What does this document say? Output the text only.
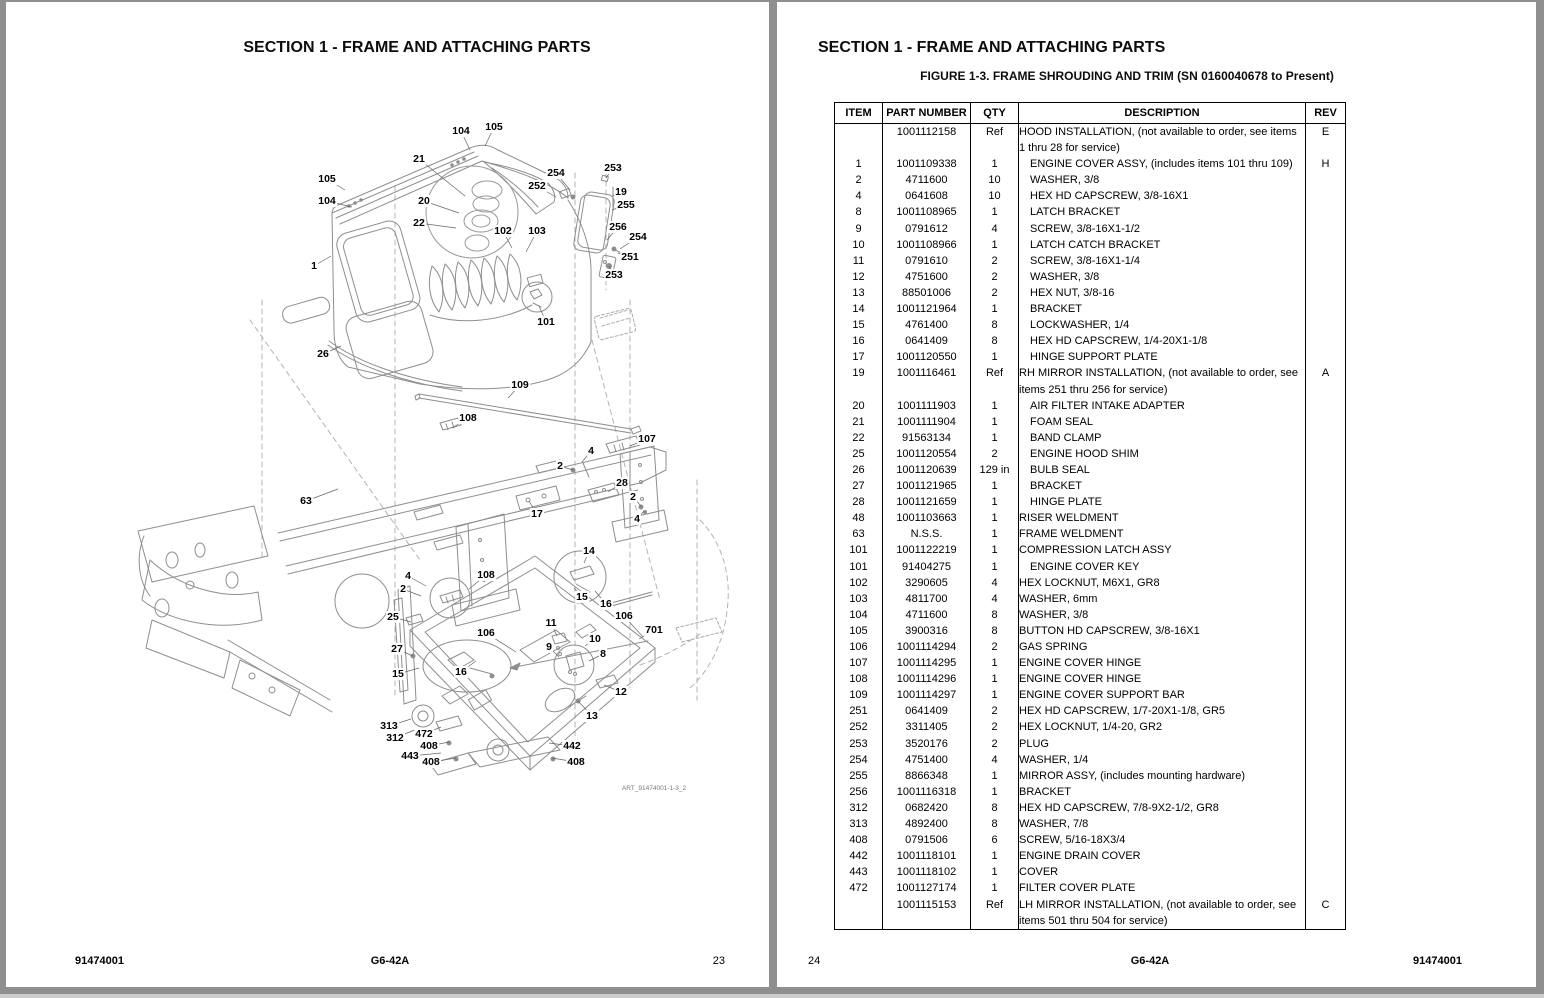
SECTION 1 - FRAME AND ATTACHING PARTS
105
104
21
253
254
252	19
255
105
104	20
22
102 103	256
254
251
1
253
101
26
109
108
107
4
2
28
2
63
17	4
14
4	108
2
15
16
106
25	11
701
106	10
27	9
8
16
15
12
13
313
312 472
408
443 408
442
408
ART_91474001-1-3_2
91474001	G6-42A	23
SECTION 1 - FRAME AND ATTACHING PARTS
FIGURE 1-3. FRAME SHROUDING AND TRIM (SN 0160040678 to Present)
ITEM	PART NUMBER	QTY	DESCRIPTION	REV
	1001112158	Ref	HOOD INSTALLATION, (not available to order, see items 1 thru 28 for service)	E
1	1001109338	1	ENGINE COVER ASSY, (includes items 101 thru 109)	H
2	4711600	10	WASHER, 3/8	
4	0641608	10	HEX HD CAPSCREW, 3/8-16X1	
8	1001108965	1	LATCH BRACKET	
9	0791612	4	SCREW, 3/8-16X1-1/2	
10	1001108966	1	LATCH CATCH BRACKET	
11	0791610	2	SCREW, 3/8-16X1-1/4	
12	4751600	2	WASHER, 3/8	
13	88501006	2	HEX NUT, 3/8-16	
14	1001121964	1	BRACKET	
15	4761400	8	LOCKWASHER, 1/4	
16	0641409	8	HEX HD CAPSCREW, 1/4-20X1-1/8	
17	1001120550	1	HINGE SUPPORT PLATE	
19	1001116461	Ref	RH MIRROR INSTALLATION, (not available to order, see items 251 thru 256 for service)	A
20	1001111903	1	AIR FILTER INTAKE ADAPTER	
21	1001111904	1	FOAM SEAL	
22	91563134	1	BAND CLAMP	
25	1001120554	2	ENGINE HOOD SHIM	
26	1001120639	129 in	BULB SEAL	
27	1001121965	1	BRACKET	
28	1001121659	1	HINGE PLATE	
48	1001103663	1	RISER WELDMENT	
63	N.S.S.	1	FRAME WELDMENT	
101	1001122219	1	COMPRESSION LATCH ASSY	
101	91404275	1	ENGINE COVER KEY	
102	3290605	4	HEX LOCKNUT, M6X1, GR8	
103	4811700	4	WASHER, 6mm	
104	4711600	8	WASHER, 3/8	
105	3900316	8	BUTTON HD CAPSCREW, 3/8-16X1	
106	1001114294	2	GAS SPRING	
107	1001114295	1	ENGINE COVER HINGE	
108	1001114296	1	ENGINE COVER HINGE	
109	1001114297	1	ENGINE COVER SUPPORT BAR	
251	0641409	2	HEX HD CAPSCREW, 1/7-20X1-1/8, GR5	
252	3311405	2	HEX LOCKNUT, 1/4-20, GR2	
253	3520176	2	PLUG	
254	4751400	4	WASHER, 1/4	
255	8866348	1	MIRROR ASSY, (includes mounting hardware)	
256	1001116318	1	BRACKET	
312	0682420	8	HEX HD CAPSCREW, 7/8-9X2-1/2, GR8	
313	4892400	8	WASHER, 7/8	
408	0791506	6	SCREW, 5/16-18X3/4	
442	1001118101	1	ENGINE DRAIN COVER	
443	1001118102	1	COVER	
472	1001127174	1	FILTER COVER PLATE	
	1001115153	Ref	LH MIRROR INSTALLATION, (not available to order, see items 501 thru 504 for service)	C
24	G6-42A	91474001
